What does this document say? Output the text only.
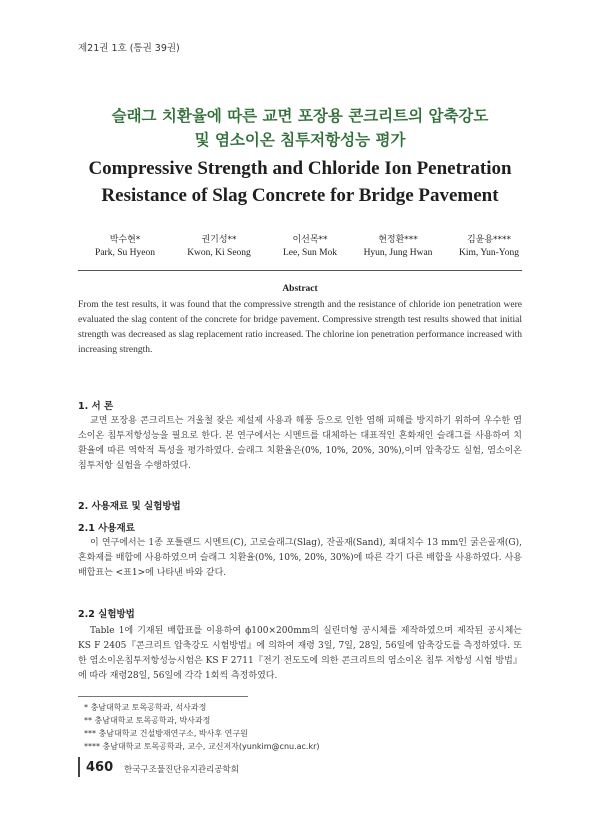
제21권 1호 (통권 39권)
슬래그 치환율에 따른 교면 포장용 콘크리트의 압축강도
및 염소이온 침투저항성능 평가
Compressive Strength and Chloride Ion Penetration
Resistance of Slag Concrete for Bridge Pavement
박수현*
Park, Su Hyeon
권기성**
Kwon, Ki Seong
이선목**
Lee, Sun Mok
현정환***
Hyun, Jung Hwan
김윤용****
Kim, Yun-Yong
Abstract
From the test results, it was found that the compressive strength and the resistance of chloride ion penetration were evaluated the slag content of the concrete for bridge pavement. Compressive strength test results showed that initial strength was decreased as slag replacement ratio increased. The chlorine ion penetration performance increased with increasing strength.
1. 서 론
교면 포장용 콘크리트는 겨울철 잦은 제설제 사용과 해풍 등으로 인한 염해 피해를 방지하기 위하여 우수한 염소이온 침투저항성능을 필요로 한다. 본 연구에서는 시멘트를 대체하는 대표적인 혼화재인 슬래그를 사용하여 치환율에 따른 역학적 특성을 평가하였다. 슬래그 치환율은(0%, 10%, 20%, 30%),이며 압축강도 실험, 염소이온 침투저항 실험을 수행하였다.
2. 사용재료 및 실험방법
2.1 사용재료
이 연구에서는 1종 포틀랜드 시멘트(C), 고로슬래그(Slag), 잔골재(Sand), 최대치수 13 mm인 굵은골재(G), 혼화제를 배합에 사용하였으며 슬래그 치환율(0%, 10%, 20%, 30%)에 따른 각기 다른 배합을 사용하였다. 사용 배합표는 <표1>에 나타낸 바와 같다.
2.2 실험방법
Table 1에 기재된 배합표를 이용하여 ϕ100×200mm의 실린더형 공시체를 제작하였으며 제작된 공시체는 KS F 2405『콘크리트 압축강도 시험방법』에 의하여 재령 3일, 7일, 28일, 56일에 압축강도를 측정하였다. 또한 염소이온침투저항성능시험은 KS F 2711『전기 전도도에 의한 콘크리트의 염소이온 침투 저항성 시험 방법』에 따라 재령28일, 56일에 각각 1회씩 측정하였다.
* 충남대학교 토목공학과, 석사과정
** 충남대학교 토목공학과, 박사과정
*** 충남대학교 건설방재연구소, 박사후 연구원
**** 충남대학교 토목공학과, 교수, 교신저자(yunkim@cnu.ac.kr)
460 한국구조물진단유지관리공학회
